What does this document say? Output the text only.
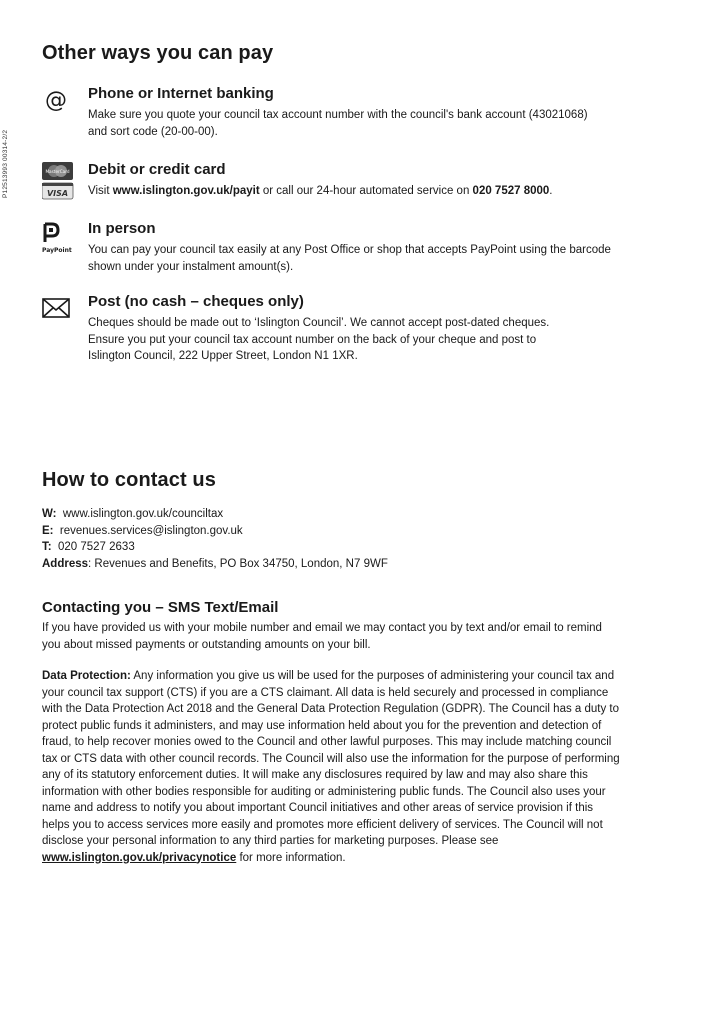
P12513993 00314-2/2
Other ways you can pay
@ Phone or Internet banking
Make sure you quote your council tax account number with the council's bank account (43021068)
and sort code (20-00-00).
MasterCard
VISA
Debit or credit card
Visit www.islington.gov.uk/payit or call our 24-hour automated service on 020 7527 8000.
PayPoint
In person
You can pay your council tax easily at any Post Office or shop that accepts PayPoint using the barcode
shown under your instalment amount(s).
Post (no cash – cheques only)
Cheques should be made out to ‘Islington Council’. We cannot accept post-dated cheques.
Ensure you put your council tax account number on the back of your cheque and post to
Islington Council, 222 Upper Street, London N1 1XR.
How to contact us
W: www.islington.gov.uk/counciltax
E: revenues.services@islington.gov.uk
T: 020 7527 2633
Address: Revenues and Benefits, PO Box 34750, London, N7 9WF
Contacting you – SMS Text/Email
If you have provided us with your mobile number and email we may contact you by text and/or email to remind
you about missed payments or outstanding amounts on your bill.
Data Protection: Any information you give us will be used for the purposes of administering your council tax and
your council tax support (CTS) if you are a CTS claimant. All data is held securely and processed in compliance
with the Data Protection Act 2018 and the General Data Protection Regulation (GDPR). The Council has a duty to
protect public funds it administers, and may use information held about you for the prevention and detection of
fraud, to help recover monies owed to the Council and other lawful purposes. This may include matching council
tax or CTS data with other council records. The Council will also use the information for the purpose of performing
any of its statutory enforcement duties. It will make any disclosures required by law and may also share this
information with other bodies responsible for auditing or administering public funds. The Council also uses your
name and address to notify you about important Council initiatives and other areas of service provision if this
helps you to access services more easily and promotes more efficient delivery of services. The Council will not
disclose your personal information to any third parties for marketing purposes. Please see
www.islington.gov.uk/privacynotice for more information.
